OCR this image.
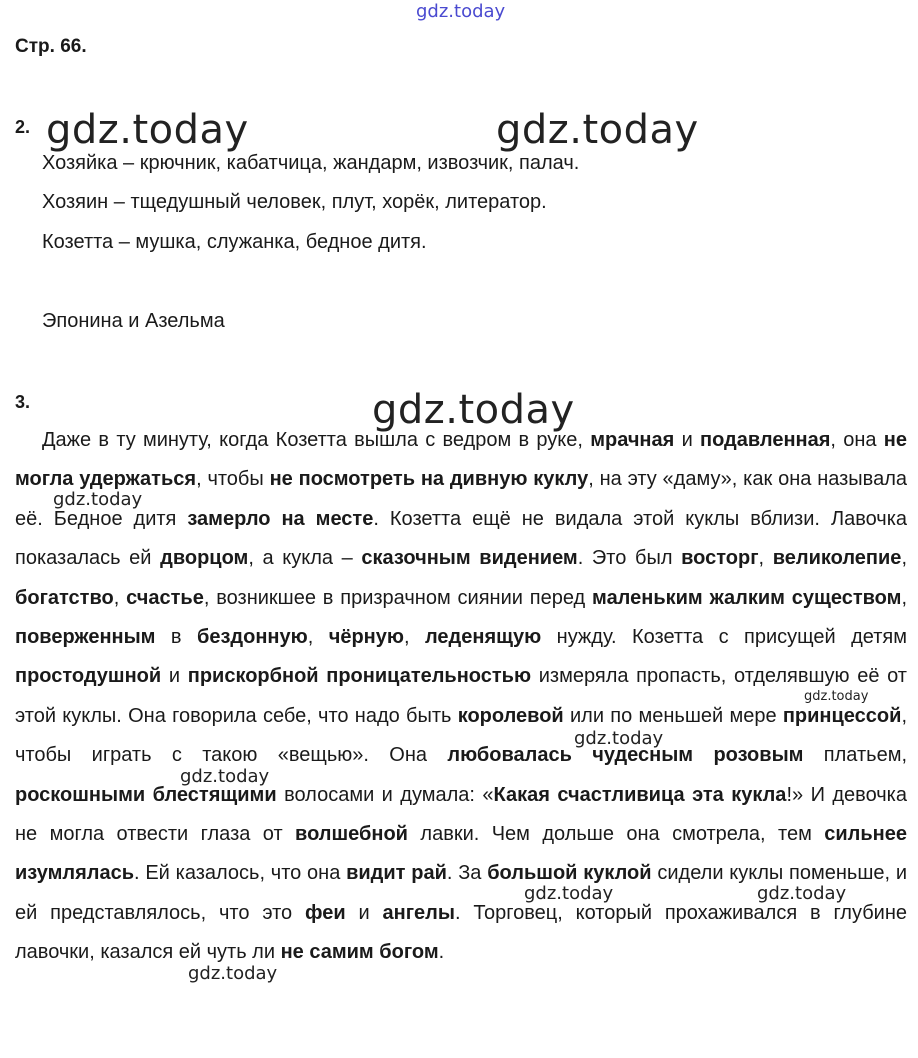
gdz.today
gdz.today	gdz.today
gdz.today
gdz.today
gdz.today
gdz.today
gdz.today
gdz.today	gdz.today
gdz.today
Стр. 66.
2.
Хозяйка – крючник, кабатчица, жандарм, извозчик, палач.
Хозяин – тщедушный человек, плут, хорёк, литератор.
Козетта – мушка, служанка, бедное дитя.
Эпонина и Азельма
3.

Даже в ту минуту, когда Козетта вышла с ведром в руке, мрачная и подавленная, она не могла удержаться, чтобы не посмотреть на дивную куклу, на эту «даму», как она называла её. Бедное дитя замерло на месте. Козетта ещё не видала этой куклы вблизи. Лавочка показалась ей дворцом, а кукла – сказочным видением. Это был восторг, великолепие, богатство, счастье, возникшее в призрачном сиянии перед маленьким жалким существом, поверженным в бездонную, чёрную, леденящую нужду. Козетта с присущей детям простодушной и прискорбной проницательностью измеряла пропасть, отделявшую её от этой куклы. Она говорила себе, что надо быть королевой или по меньшей мере принцессой, чтобы играть с такою «вещью». Она любовалась чудесным розовым платьем, роскошными блестящими волосами и думала: «Какая счастливица эта кукла!» И девочка не могла отвести глаза от волшебной лавки. Чем дольше она смотрела, тем сильнее изумлялась. Ей казалось, что она видит рай. За большой куклой сидели куклы поменьше, и ей представлялось, что это феи и ангелы. Торговец, который прохаживался в глубине лавочки, казался ей чуть ли не самим богом.
